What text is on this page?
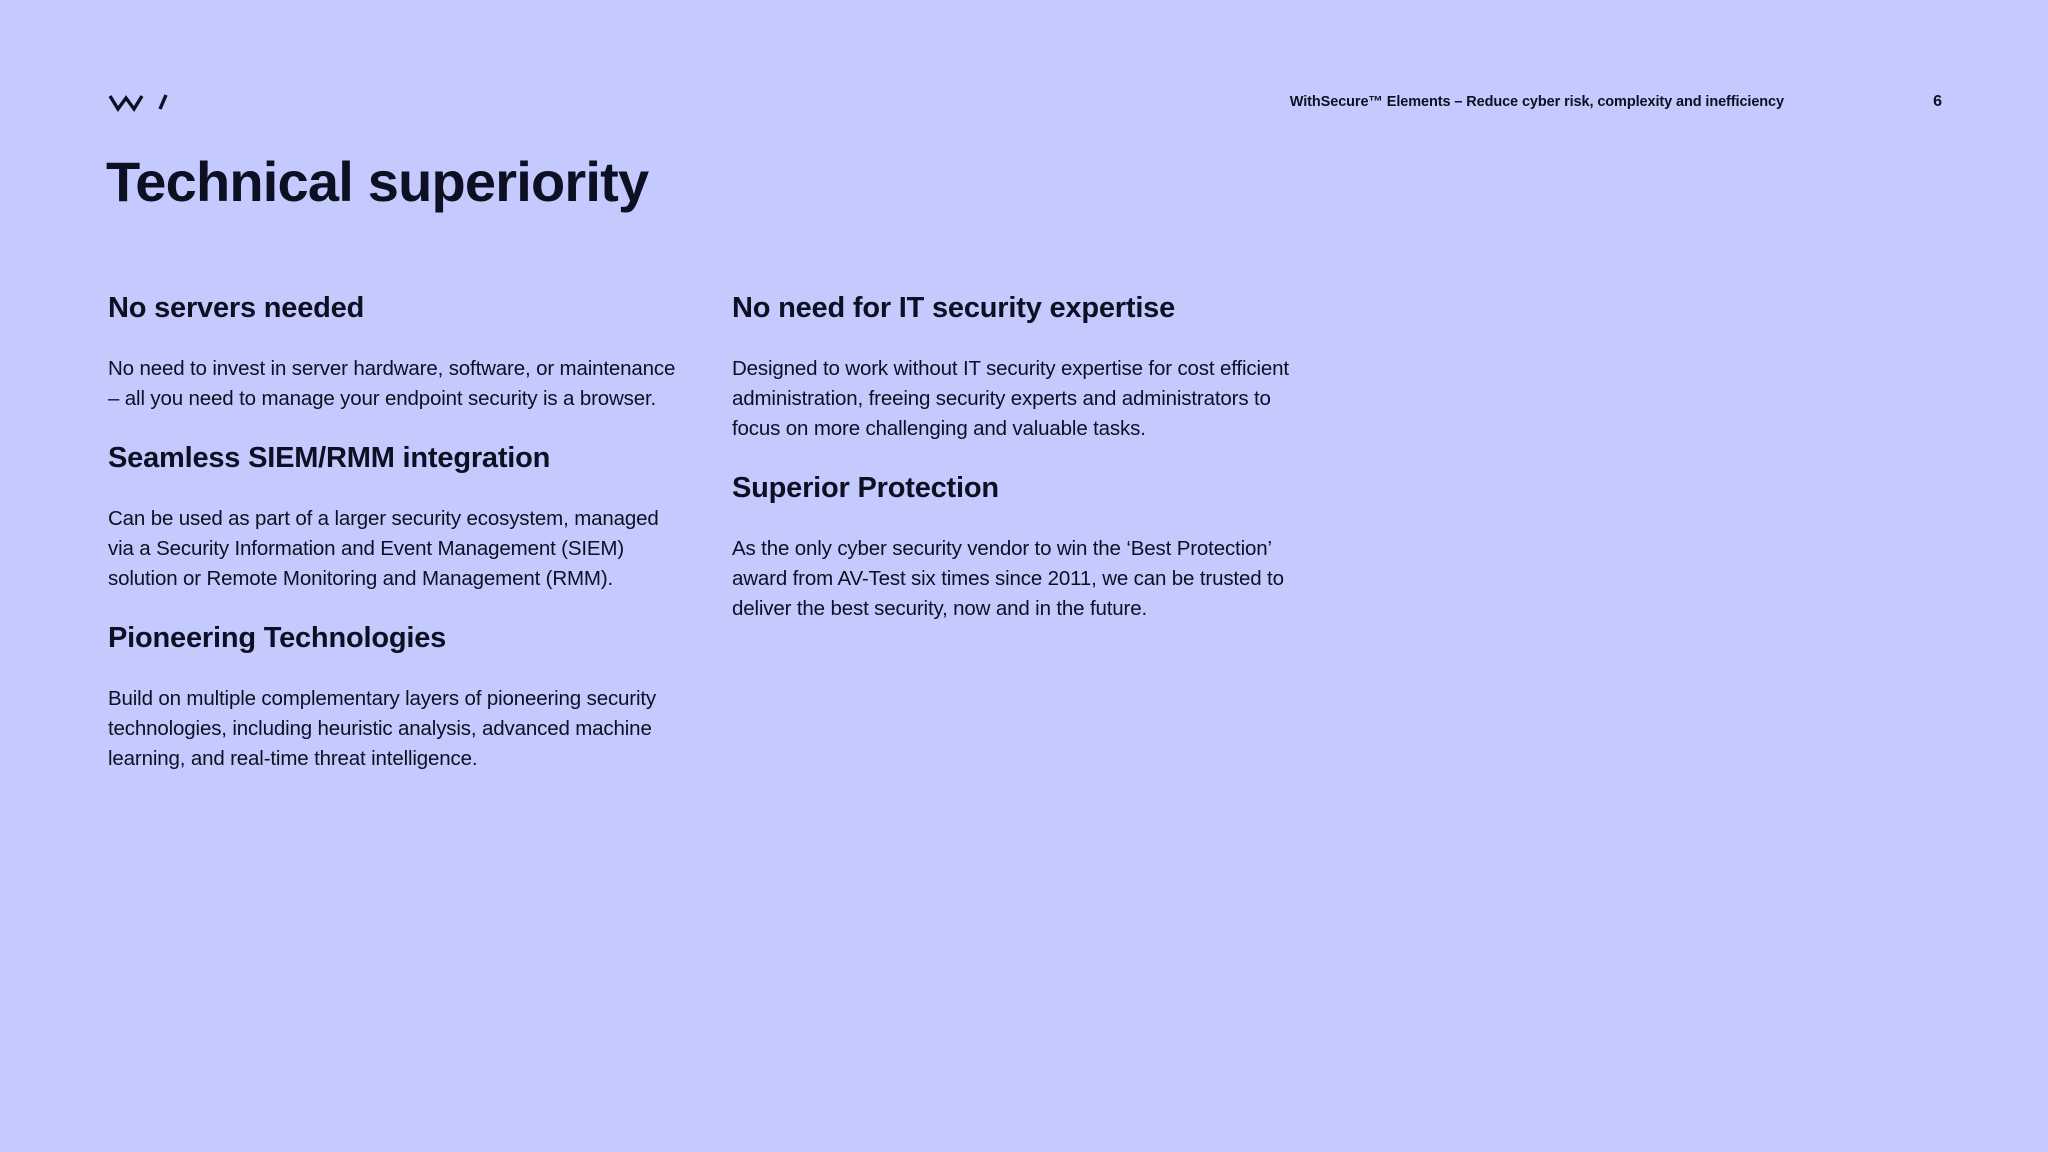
WithSecure™ Elements – Reduce cyber risk, complexity and inefficiency	6
Technical superiority
No servers needed

No need to invest in server hardware, software, or maintenance
– all you need to manage your endpoint security is a browser.

Seamless SIEM/RMM integration

Can be used as part of a larger security ecosystem, managed
via a Security Information and Event Management (SIEM)
solution or Remote Monitoring and Management (RMM).

Pioneering Technologies

Build on multiple complementary layers of pioneering security
technologies, including heuristic analysis, advanced machine
learning, and real-time threat intelligence.

No need for IT security expertise

Designed to work without IT security expertise for cost efficient
administration, freeing security experts and administrators to
focus on more challenging and valuable tasks.

Superior Protection

As the only cyber security vendor to win the ‘Best Protection’
award from AV-Test six times since 2011, we can be trusted to
deliver the best security, now and in the future.
